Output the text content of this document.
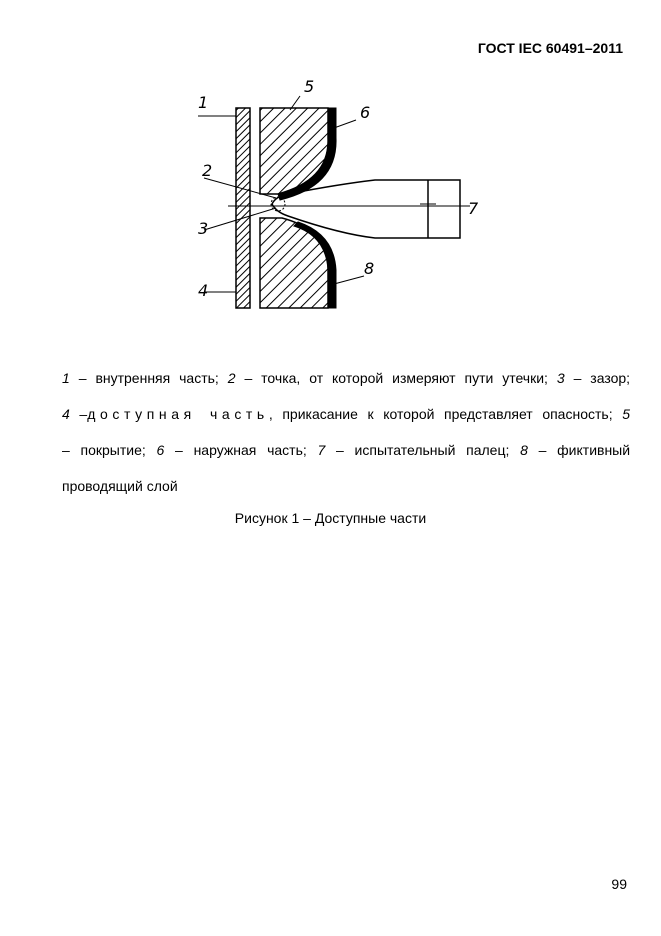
ГОСТ IEC 60491–2011
1
2
3
4
5
6
7
8
1 – внутренняя часть; 2 – точка, от которой измеряют пути утечки; 3 – зазор;
4 –доступная часть, прикасание к которой представляет опасность; 5
– покрытие; 6 – наружная часть; 7 – испытательный палец; 8 – фиктивный
проводящий слой
Рисунок 1 – Доступные части
99
